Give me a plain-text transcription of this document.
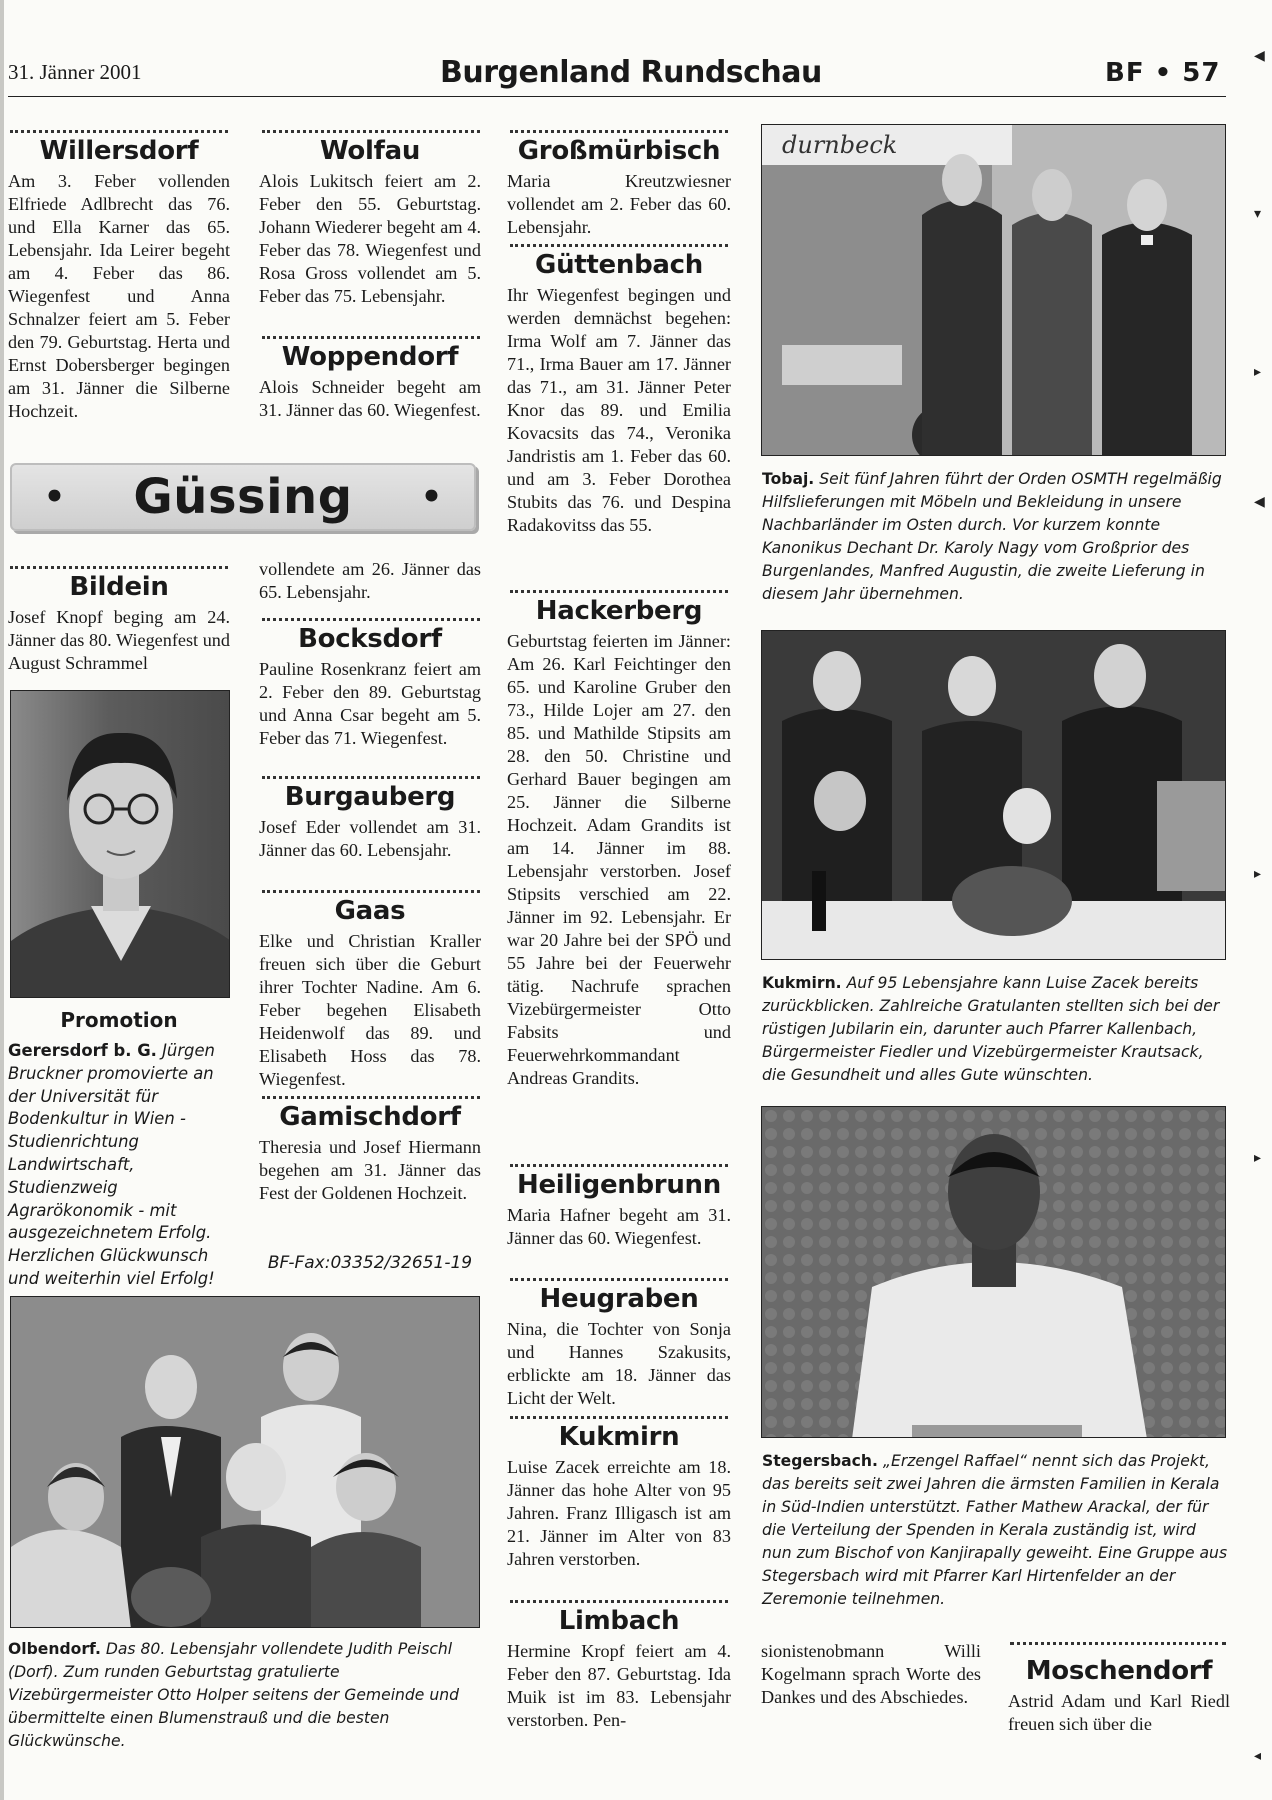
31. Jänner 2001	Burgenland Rundschau	BF • 57
Willersdorf
Am 3. Feber vollenden Elfriede Adlbrecht das 76. und Ella Karner das 65. Lebensjahr. Ida Leirer begeht am 4. Feber das 86. Wiegenfest und Anna Schnalzer feiert am 5. Feber den 79. Geburtstag. Herta und Ernst Dobersberger begingen am 31. Jänner die Silberne Hochzeit.
Wolfau
Alois Lukitsch feiert am 2. Feber den 55. Geburtstag. Johann Wiederer begeht am 4. Feber das 78. Wiegenfest und Rosa Gross vollendet am 5. Feber das 75. Lebensjahr.
Woppendorf
Alois Schneider begeht am 31. Jänner das 60. Wiegenfest.
• Güssing •
Bildein
Josef Knopf beging am 24. Jänner das 80. Wiegenfest und August Schrammel
Promotion
Gerersdorf b. G. Jürgen Bruckner promovierte an der Universität für Bodenkultur in Wien - Studienrichtung Landwirtschaft, Studienzweig Agrarökonomik - mit ausgezeichnetem Erfolg. Herzlichen Glückwunsch und weiterhin viel Erfolg!
vollendete am 26. Jänner das 65. Lebensjahr.
Bocksdorf
Pauline Rosenkranz feiert am 2. Feber den 89. Geburtstag und Anna Csar begeht am 5. Feber das 71. Wiegenfest.
Burgauberg
Josef Eder vollendet am 31. Jänner das 60. Lebensjahr.
Gaas
Elke und Christian Kraller freuen sich über die Geburt ihrer Tochter Nadine. Am 6. Feber begehen Elisabeth Heidenwolf das 89. und Elisabeth Hoss das 78. Wiegenfest.
Gamischdorf
Theresia und Josef Hiermann begehen am 31. Jänner das Fest der Goldenen Hochzeit.
BF-Fax:03352/32651-19
Olbendorf. Das 80. Lebensjahr vollendete Judith Peischl (Dorf). Zum runden Geburtstag gratulierte Vizebürgermeister Otto Holper seitens der Gemeinde und übermittelte einen Blumenstrauß und die besten Glückwünsche.
Großmürbisch
Maria Kreutzwiesner vollendet am 2. Feber das 60. Lebensjahr.
Güttenbach
Ihr Wiegenfest begingen und werden demnächst begehen: Irma Wolf am 7. Jänner das 71., Irma Bauer am 17. Jänner das 71., am 31. Jänner Peter Knor das 89. und Emilia Kovacsits das 74., Veronika Jandristis am 1. Feber das 60. und am 3. Feber Dorothea Stubits das 76. und Despina Radakovitss das 55.
Hackerberg
Geburtstag feierten im Jänner: Am 26. Karl Feichtinger den 65. und Karoline Gruber den 73., Hilde Lojer am 27. den 85. und Mathilde Stipsits am 28. den 50. Christine und Gerhard Bauer begingen am 25. Jänner die Silberne Hochzeit. Adam Grandits ist am 14. Jänner im 88. Lebensjahr verstorben. Josef Stipsits verschied am 22. Jänner im 92. Lebensjahr. Er war 20 Jahre bei der SPÖ und 55 Jahre bei der Feuerwehr tätig. Nachrufe sprachen Vizebürgermeister Otto Fabsits und Feuerwehrkommandant Andreas Grandits.
Heiligenbrunn
Maria Hafner begeht am 31. Jänner das 60. Wiegenfest.
Heugraben
Nina, die Tochter von Sonja und Hannes Szakusits, erblickte am 18. Jänner das Licht der Welt.
Kukmirn
Luise Zacek erreichte am 18. Jänner das hohe Alter von 95 Jahren. Franz Illigasch ist am 21. Jänner im Alter von 83 Jahren verstorben.
Limbach
Hermine Kropf feiert am 4. Feber den 87. Geburtstag. Ida Muik ist im 83. Lebensjahr verstorben. Pen-
durnbeck
Tobaj. Seit fünf Jahren führt der Orden OSMTH regelmäßig Hilfslieferungen mit Möbeln und Bekleidung in unsere Nachbarländer im Osten durch. Vor kurzem konnte Kanonikus Dechant Dr. Karoly Nagy vom Großprior des Burgenlandes, Manfred Augustin, die zweite Lieferung in diesem Jahr übernehmen.
Kukmirn. Auf 95 Lebensjahre kann Luise Zacek bereits zurückblicken. Zahlreiche Gratulanten stellten sich bei der rüstigen Jubilarin ein, darunter auch Pfarrer Kallenbach, Bürgermeister Fiedler und Vizebürgermeister Krautsack, die Gesundheit und alles Gute wünschten.
Stegersbach. „Erzengel Raffael“ nennt sich das Projekt, das bereits seit zwei Jahren die ärmsten Familien in Kerala in Süd-Indien unterstützt. Father Mathew Arackal, der für die Verteilung der Spenden in Kerala zuständig ist, wird nun zum Bischof von Kanjirapally geweiht. Eine Gruppe aus Stegersbach wird mit Pfarrer Karl Hirtenfelder an der Zeremonie teilnehmen.
sionistenobmann Willi Kogelmann sprach Worte des Dankes und des Abschiedes.
Moschendorf
Astrid Adam und Karl Riedl freuen sich über die
◀
▾
▸
◀
▸
▸
◂
